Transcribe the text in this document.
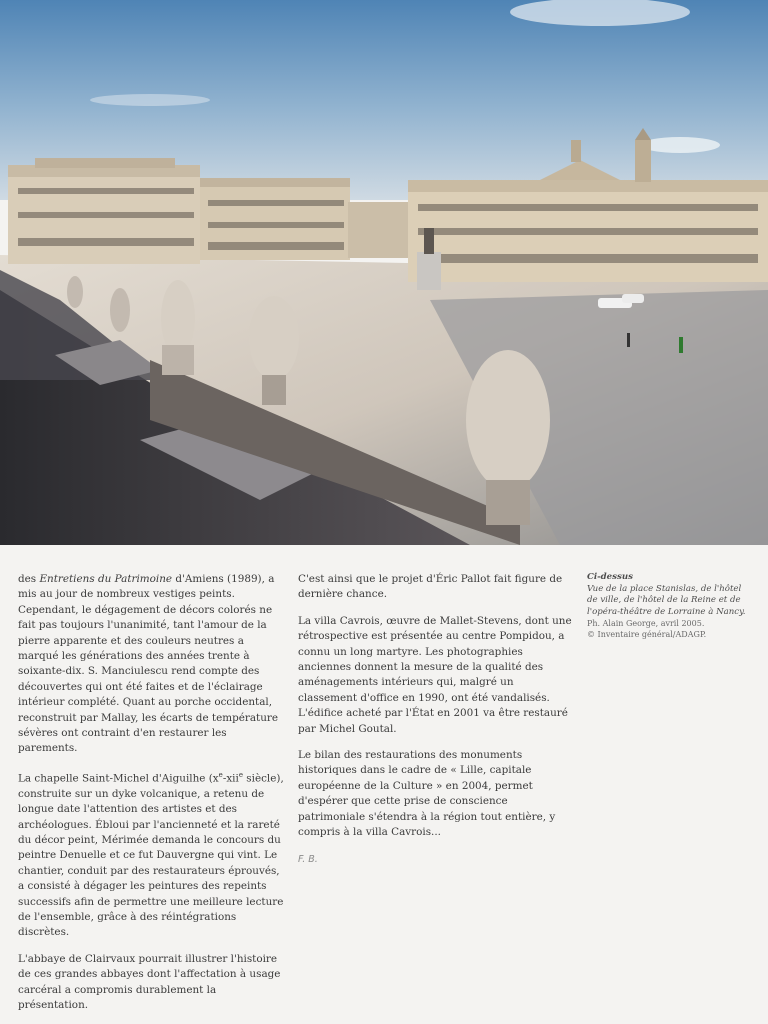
des Entretiens du Patrimoine d'Amiens (1989), a mis au jour de nombreux vestiges peints. Cependant, le dégagement de décors colorés ne fait pas toujours l'unanimité, tant l'amour de la pierre apparente et des couleurs neutres a marqué les générations des années trente à soixante-dix. S. Manciulescu rend compte des découvertes qui ont été faites et de l'éclairage intérieur complété. Quant au porche occidental, reconstruit par Mallay, les écarts de température sévères ont contraint d'en restaurer les parements.

La chapelle Saint-Michel d'Aiguilhe ($x^e-xii^e$ siècle), construite sur un dyke volcanique, a retenu de longue date l'attention des artistes et des archéologues. Ébloui par l'ancienneté et la rareté du décor peint, Mérimée demanda le concours du peintre Denuelle et ce fut Dauvergne qui vint. Le chantier, conduit par des restaurateurs éprouvés, a consisté à dégager les peintures des repeints successifs afin de permettre une meilleure lecture de l'ensemble, grâce à des réintégrations discrètes.

L'abbaye de Clairvaux pourrait illustrer l'histoire de ces grandes abbayes dont l'affectation à usage carcéral a compromis durablement la présentation.

C'est ainsi que le projet d'Éric Pallot fait figure de dernière chance.

La villa Cavrois, œuvre de Mallet-Stevens, dont une rétrospective est présentée au centre Pompidou, a connu un long martyre. Les photographies anciennes donnent la mesure de la qualité des aménagements intérieurs qui, malgré un classement d'office en 1990, ont été vandalisés. L'édifice acheté par l'État en 2001 va être restauré par Michel Goutal.

Le bilan des restaurations des monuments historiques dans le cadre de « Lille, capitale européenne de la Culture » en 2004, permet d'espérer que cette prise de conscience patrimoniale s'étendra à la région tout entière, y compris à la villa Cavrois...

F. B.

Ci-dessus
Vue de la place Stanislas, de l'hôtel de ville, de l'hôtel de la Reine et de l'opéra-théâtre de Lorraine à Nancy.
Ph. Alain George, avril 2005.
© Inventaire général/ADAGP.
